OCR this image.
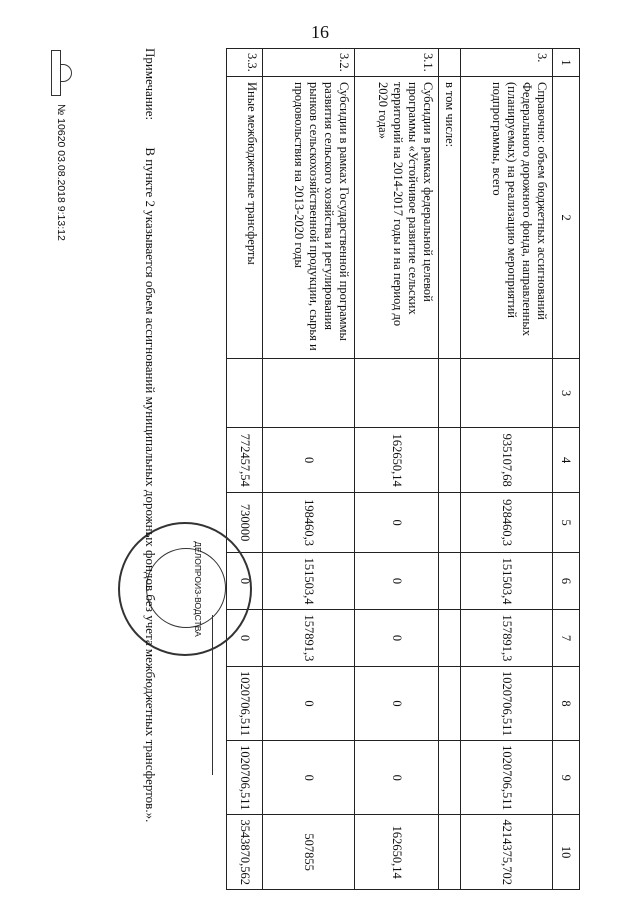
16
1	2	3	4	5	6	7	8	9	10
3.	Справочно: объем бюджетных ассигнований Федерального дорожного фонда, направленных (планируемых) на реализацию мероприятий подпрограммы, всего		935107,68	928460,3	151503,4	157891,3	1020706,511	1020706,511	4214375,702
	в том числе:								
3.1.	Субсидии в рамках федеральной целевой программы «Устойчивое развитие сельских территорий на 2014-2017 годы и на период до 2020 года»		162650,14	0	0	0	0	0	162650,14
3.2.	Субсидии в рамках Государственной программы развития сельского хозяйства и регулирования рынков сельскохозяйственной продукции, сырья и продовольствия на 2013-2020 годы		0	198460,3	151503,4	157891,3	0	0	507855
3.3.	Иные межбюджетные трансферты		772457,54	730000	0	0	1020706,511	1020706,511	3543870,562
ДЕЛОПРОИЗ-ВОДСТВА
Примечание: В пункте 2 указывается объем ассигнований муниципальных дорожных фондов без учета межбюджетных трансфертов.».
№ 10620 03.08.2018 9:13:12
